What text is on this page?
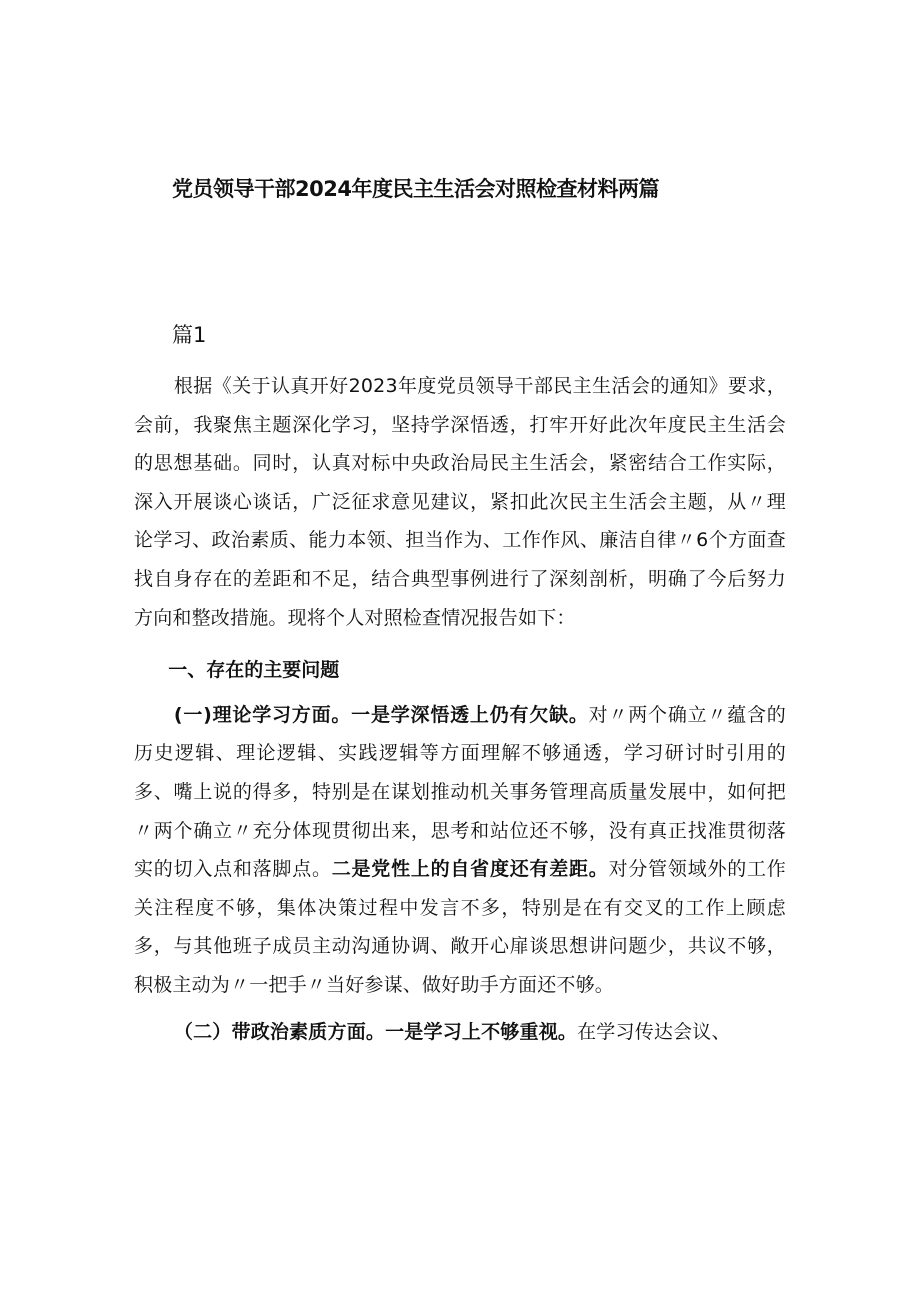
党员领导干部2024年度民主生活会对照检查材料两篇
篇1

根据《关于认真开好2023年度党员领导干部民主生活会的通知》要求，会前，我聚焦主题深化学习，坚持学深悟透，打牢开好此次年度民主生活会的思想基础。同时，认真对标中央政治局民主生活会，紧密结合工作实际，深入开展谈心谈话，广泛征求意见建议，紧扣此次民主生活会主题，从〃理论学习、政治素质、能力本领、担当作为、工作作风、廉洁自律〃6个方面查找自身存在的差距和不足，结合典型事例进行了深刻剖析，明确了今后努力方向和整改措施。现将个人对照检查情况报告如下：

一、存在的主要问题

(一)理论学习方面。一是学深悟透上仍有欠缺。对〃两个确立〃蕴含的历史逻辑、理论逻辑、实践逻辑等方面理解不够通透，学习研讨时引用的多、嘴上说的得多，特别是在谋划推动机关事务管理高质量发展中，如何把〃两个确立〃充分体现贯彻出来，思考和站位还不够，没有真正找准贯彻落实的切入点和落脚点。二是党性上的自省度还有差距。对分管领域外的工作关注程度不够，集体决策过程中发言不多，特别是在有交叉的工作上顾虑多，与其他班子成员主动沟通协调、敞开心扉谈思想讲问题少，共议不够，积极主动为〃一把手〃当好参谋、做好助手方面还不够。

（二）带政治素质方面。一是学习上不够重视。在学习传达会议、
